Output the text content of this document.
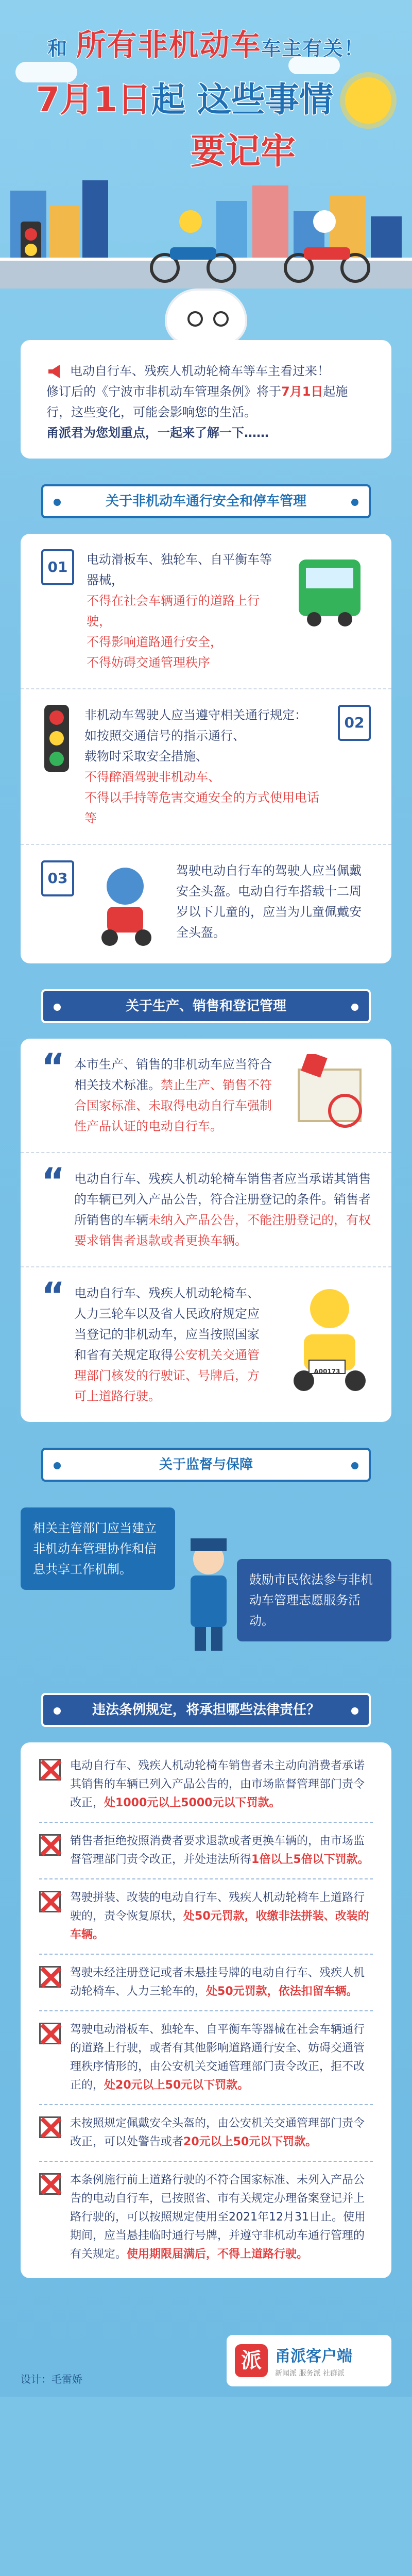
和 所有非机动车车主有关！
7月1日起 这些事情
要记牢

电动自行车、残疾人机动轮椅车等车主看过来！

修订后的《宁波市非机动车管理条例》将于7月1日起施行，这些变化，可能会影响您的生活。

甬派君为您划重点，一起来了解一下……

关于非机动车通行安全和停车管理
01	电动滑板车、独轮车、自平衡车等器械，
不得在社会车辆通行的道路上行驶，
不得影响道路通行安全，
不得妨碍交通管理秩序
非机动车驾驶人应当遵守相关通行规定：
如按照交通信号的指示通行、
载物时采取安全措施、
不得醉酒驾驶非机动车、
不得以手持等危害交通安全的方式使用电话等
02
03	驾驶电动自行车的驾驶人应当佩戴安全头盔。电动自行车搭载十二周岁以下儿童的，应当为儿童佩戴安全头盔。
关于生产、销售和登记管理
“ 本市生产、销售的非机动车应当符合相关技术标准。禁止生产、销售不符合国家标准、未取得电动自行车强制性产品认证的电动自行车。
“ 电动自行车、残疾人机动轮椅车销售者应当承诺其销售的车辆已列入产品公告，符合注册登记的条件。销售者所销售的车辆未纳入产品公告，不能注册登记的，有权要求销售者退款或者更换车辆。
“ 电动自行车、残疾人机动轮椅车、人力三轮车以及省人民政府规定应当登记的非机动车，应当按照国家和省有关规定取得公安机关交通管理部门核发的行驶证、号牌后，方可上道路行驶。
A00173
关于监督与保障
相关主管部门应当建立非机动车管理协作和信息共享工作机制。
鼓励市民依法参与非机动车管理志愿服务活动。
违法条例规定，将承担哪些法律责任？
电动自行车、残疾人机动轮椅车销售者未主动向消费者承诺其销售的车辆已列入产品公告的，由市场监督管理部门责令改正，处1000元以上5000元以下罚款。
销售者拒绝按照消费者要求退款或者更换车辆的，由市场监督管理部门责令改正，并处违法所得1倍以上5倍以下罚款。
驾驶拼装、改装的电动自行车、残疾人机动轮椅车上道路行驶的，责令恢复原状，处50元罚款，收缴非法拼装、改装的车辆。
驾驶未经注册登记或者未悬挂号牌的电动自行车、残疾人机动轮椅车、人力三轮车的，处50元罚款，依法扣留车辆。
驾驶电动滑板车、独轮车、自平衡车等器械在社会车辆通行的道路上行驶，或者有其他影响道路通行安全、妨碍交通管理秩序情形的，由公安机关交通管理部门责令改正，拒不改正的，处20元以上50元以下罚款。
未按照规定佩戴安全头盔的，由公安机关交通管理部门责令改正，可以处警告或者20元以上50元以下罚款。
本条例施行前上道路行驶的不符合国家标准、未列入产品公告的电动自行车，已按照省、市有关规定办理备案登记并上路行驶的，可以按照规定使用至2021年12月31日止。使用期间，应当悬挂临时通行号牌，并遵守非机动车通行管理的有关规定。使用期限届满后，不得上道路行驶。
设计：毛雷娇
派 甬派客户端
新闻派 服务派 社群派
